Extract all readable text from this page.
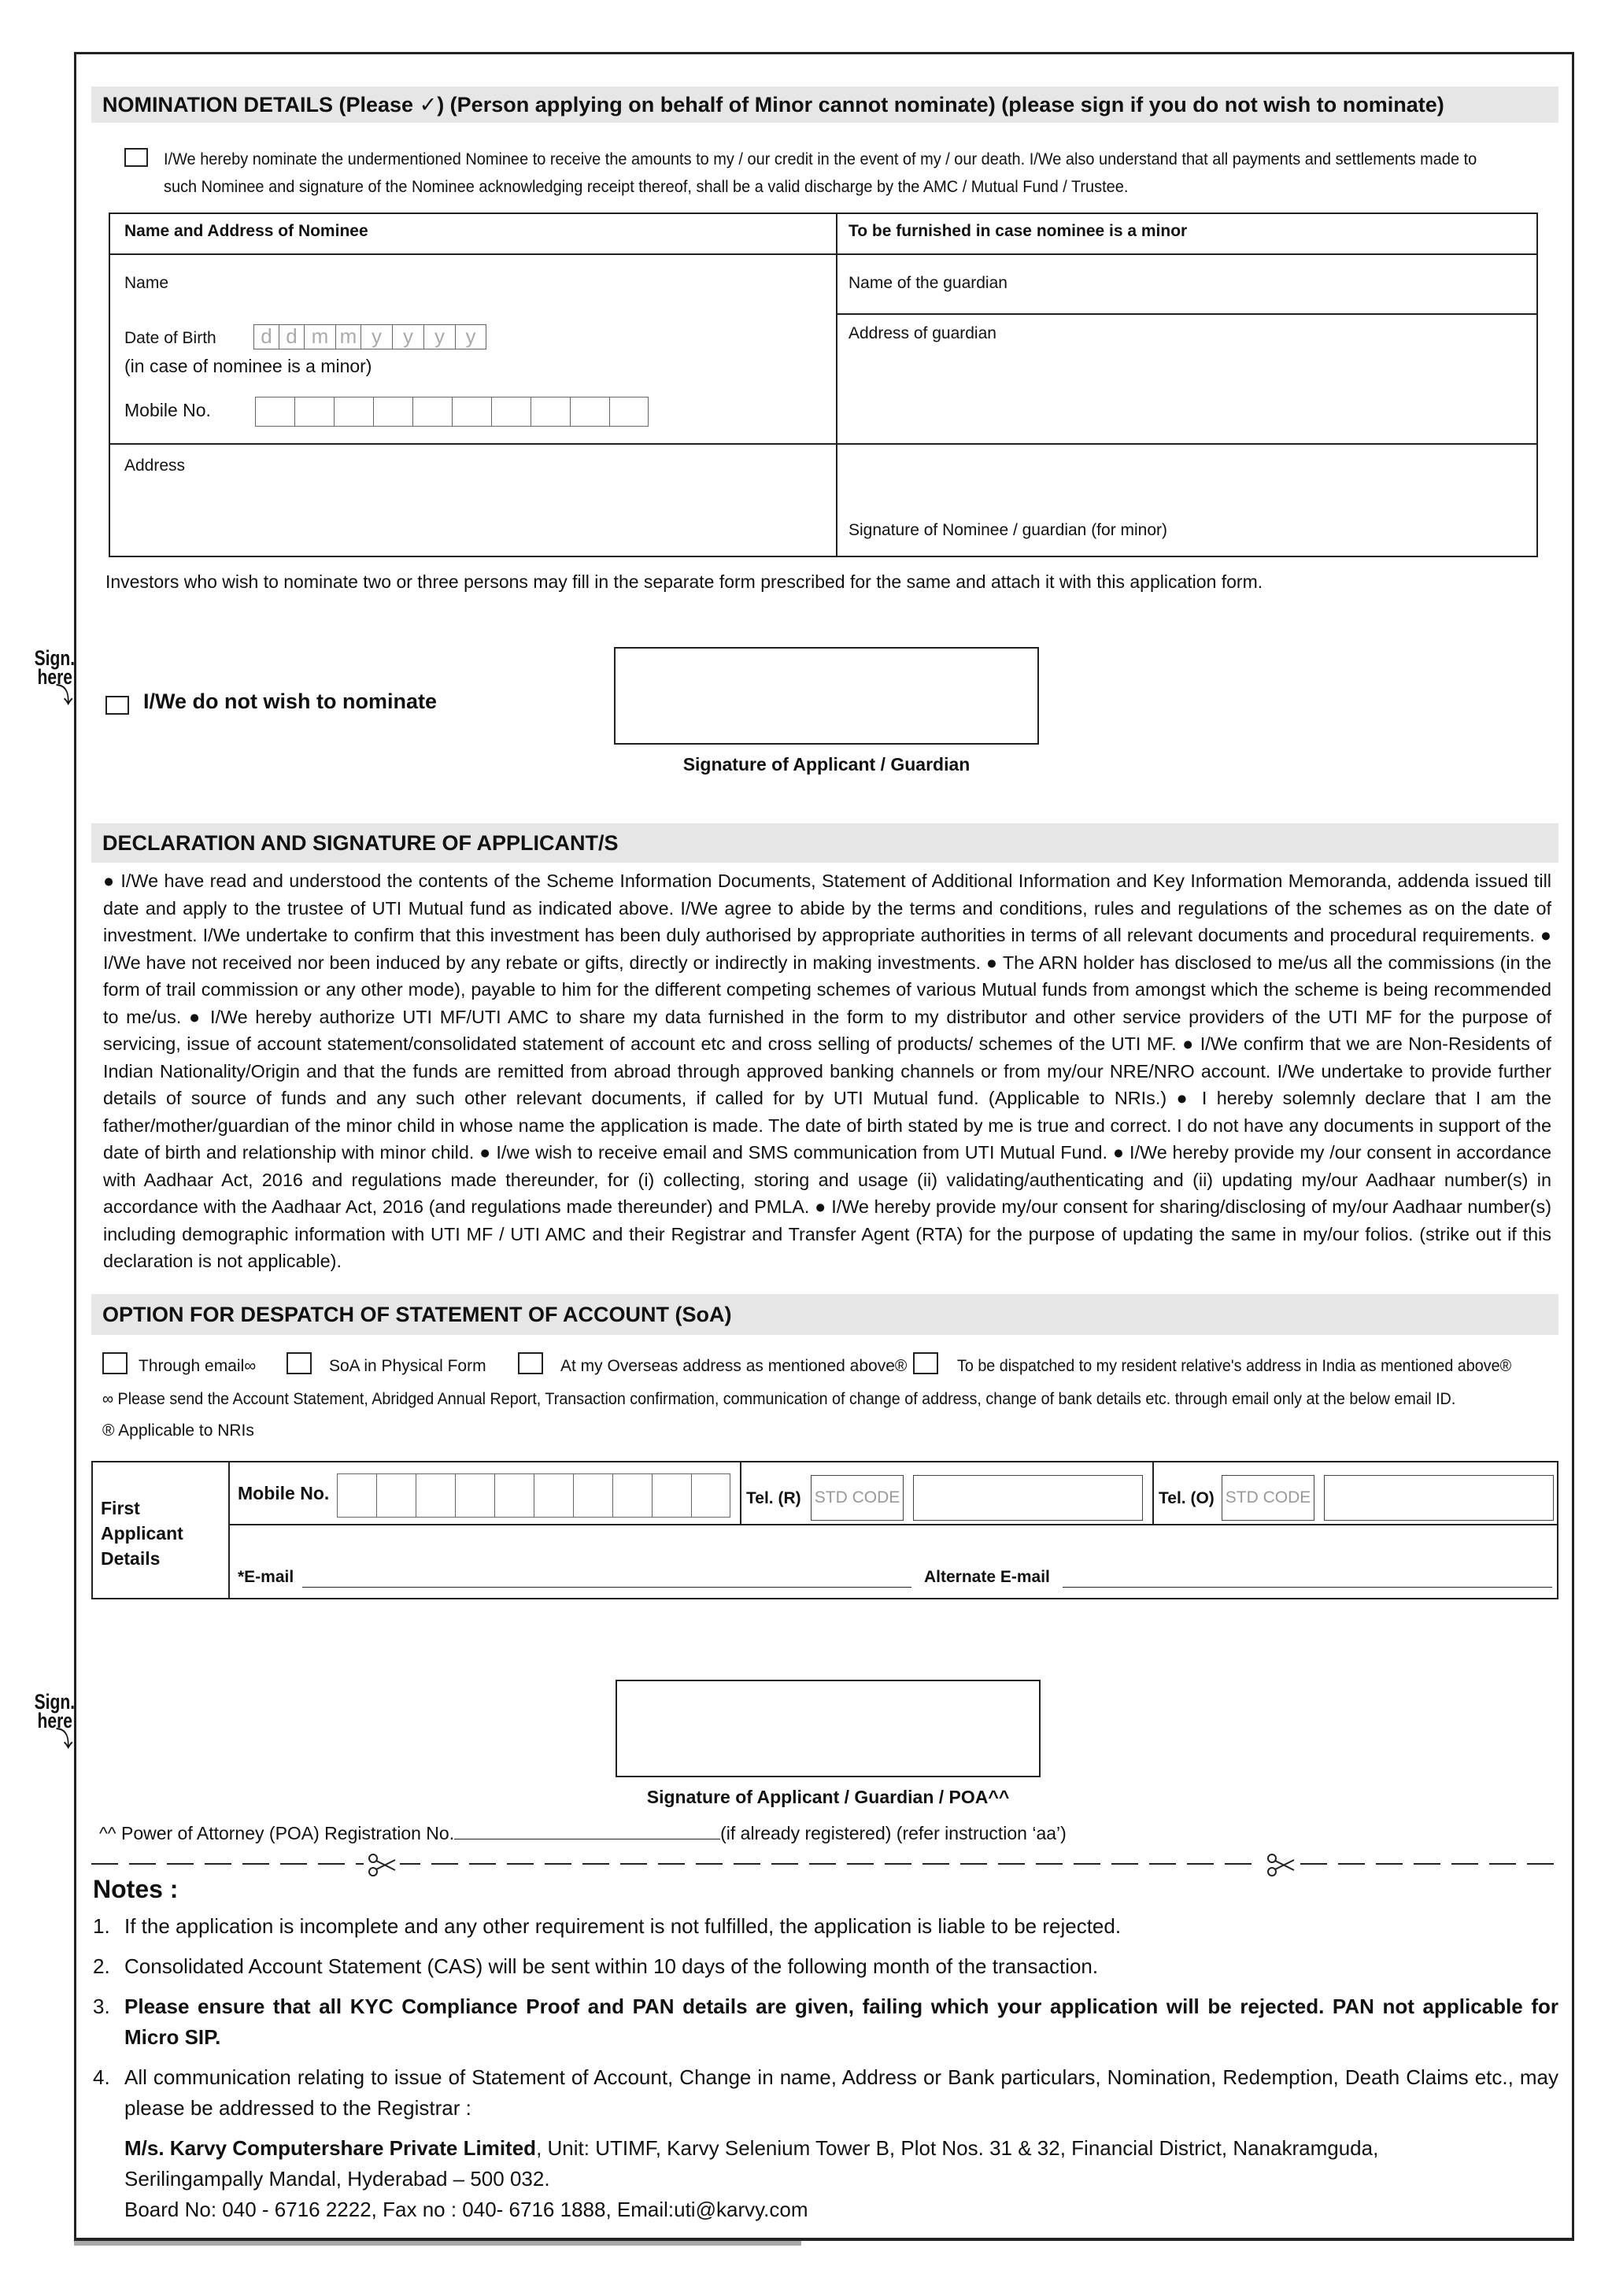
NOMINATION DETAILS (Please ✓) (Person applying on behalf of Minor cannot nominate) (please sign if you do not wish to nominate)
I/We hereby nominate the undermentioned Nominee to receive the amounts to my / our credit in the event of my / our death. I/We also understand that all payments and settlements made to
such Nominee and signature of the Nominee acknowledging receipt thereof, shall be a valid discharge by the AMC / Mutual Fund / Trustee.
Name and Address of Nominee	To be furnished in case nominee is a minor
Name
Date of Birth	d d m m y	y	y	y
(in case of nominee is a minor)
Mobile No.
Address
Name of the guardian
Address of guardian
Signature of Nominee / guardian (for minor)
Investors who wish to nominate two or three persons may fill in the separate form prescribed for the same and attach it with this application form.
Sign.
here
⤵	I/We do not wish to nominate
Signature of Applicant / Guardian
DECLARATION AND SIGNATURE OF APPLICANT/S
● I/We have read and understood the contents of the Scheme Information Documents, Statement of Additional Information and Key Information Memoranda, addenda issued till date and apply to the trustee of UTI Mutual fund as indicated above. I/We agree to abide by the terms and conditions, rules and regulations of the schemes as on the date of investment. I/We undertake to confirm that this investment has been duly authorised by appropriate authorities in terms of all relevant documents and procedural requirements. ● I/We have not received nor been induced by any rebate or gifts, directly or indirectly in making investments. ● The ARN holder has disclosed to me/us all the commissions (in the form of trail commission or any other mode), payable to him for the different competing schemes of various Mutual funds from amongst which the scheme is being recommended to me/us. ● I/We hereby authorize UTI MF/UTI AMC to share my data furnished in the form to my distributor and other service providers of the UTI MF for the purpose of servicing, issue of account statement/consolidated statement of account etc and cross selling of products/ schemes of the UTI MF. ● I/We confirm that we are Non-Residents of Indian Nationality/Origin and that the funds are remitted from abroad through approved banking channels or from my/our NRE/NRO account. I/We undertake to provide further details of source of funds and any such other relevant documents, if called for by UTI Mutual fund. (Applicable to NRIs.) ● I hereby solemnly declare that I am the father/mother/guardian of the minor child in whose name the application is made. The date of birth stated by me is true and correct. I do not have any documents in support of the date of birth and relationship with minor child. ● I/we wish to receive email and SMS communication from UTI Mutual Fund. ● I/We hereby provide my /our consent in accordance with Aadhaar Act, 2016 and regulations made thereunder, for (i) collecting, storing and usage (ii) validating/authenticating and (ii) updating my/our Aadhaar number(s) in accordance with the Aadhaar Act, 2016 (and regulations made thereunder) and PMLA. ● I/We hereby provide my/our consent for sharing/disclosing of my/our Aadhaar number(s) including demographic information with UTI MF / UTI AMC and their Registrar and Transfer Agent (RTA) for the purpose of updating the same in my/our folios. (strike out if this declaration is not applicable).
OPTION FOR DESPATCH OF STATEMENT OF ACCOUNT (SoA)
Through email∞	SoA in Physical Form	At my Overseas address as mentioned above®	To be dispatched to my resident relative's address in India as mentioned above®
∞ Please send the Account Statement, Abridged Annual Report, Transaction confirmation, communication of change of address, change of bank details etc. through email only at the below email ID.
® Applicable to NRIs
First
Applicant
Details
Mobile No.	Tel. (R) STD CODE	Tel. (O) STD CODE
*E-mail	Alternate E-mail
Sign.
here
⤵
Signature of Applicant / Guardian / POA^^
^^ Power of Attorney (POA) Registration No.	(if already registered) (refer instruction ‘aa’)
Notes :
1. If the application is incomplete and any other requirement is not fulfilled, the application is liable to be rejected.
2. Consolidated Account Statement (CAS) will be sent within 10 days of the following month of the transaction.
3. Please ensure that all KYC Compliance Proof and PAN details are given, failing which your application will be rejected. PAN not applicable for Micro SIP.
4. All communication relating to issue of Statement of Account, Change in name, Address or Bank particulars, Nomination, Redemption, Death Claims etc., may please be addressed to the Registrar :
M/s. Karvy Computershare Private Limited, Unit: UTIMF, Karvy Selenium Tower B, Plot Nos. 31 & 32, Financial District, Nanakramguda,
Serilingampally Mandal, Hyderabad – 500 032.
Board No: 040 - 6716 2222, Fax no : 040- 6716 1888, Email:uti@karvy.com
